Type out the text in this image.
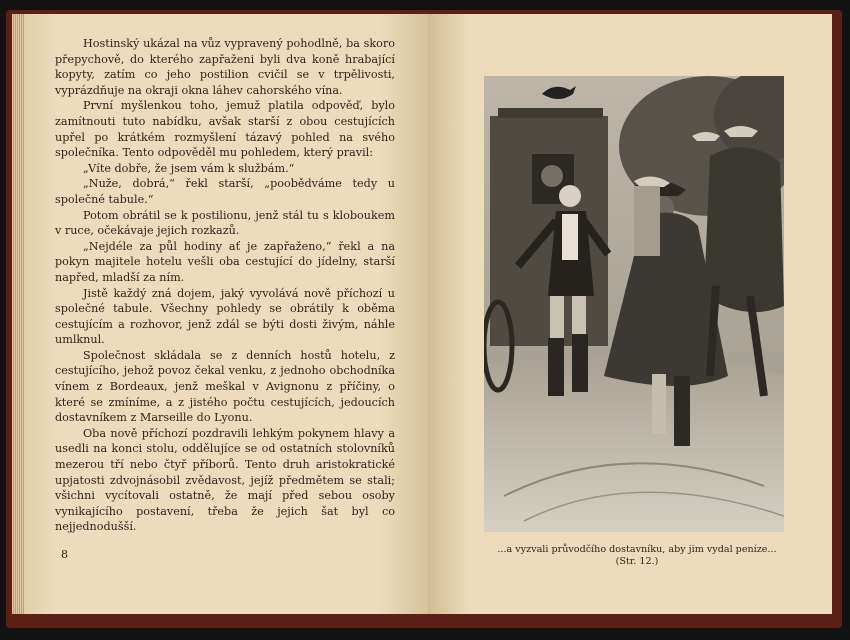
Hostinský ukázal na vůz vypravený pohodlně, ba skoro přepychově, do kterého zapřaženi byli dva koně hrabající kopyty, zatím co jeho postilion cvičil se v trpělivosti, vyprázdňuje na okraji okna láhev cahorského vína.

První myšlenkou toho, jemuž platila odpověď, bylo zamítnouti tuto nabídku, avšak starší z obou cestujících upřel po krátkém rozmyšlení tázavý pohled na svého společníka. Tento odpověděl mu pohledem, který pravil:

„Víte dobře, že jsem vám k službám.“

„Nuže, dobrá,“ řekl starší, „poobědváme tedy u společné tabule.“

Potom obrátil se k postilionu, jenž stál tu s kloboukem v ruce, očekávaje jejich rozkazů.

„Nejdéle za půl hodiny ať je zapřaženo,“ řekl a na pokyn majitele hotelu vešli oba cestující do jídelny, starší napřed, mladší za ním.

Jistě každý zná dojem, jaký vyvolává nově příchozí u společné tabule. Všechny pohledy se obrátily k oběma cestujícím a rozhovor, jenž zdál se býti dosti živým, náhle umlknul.

Společnost skládala se z denních hostů hotelu, z cestujícího, jehož povoz čekal venku, z jednoho obchodníka vínem z Bordeaux, jenž meškal v Avignonu z příčiny, o které se zmíníme, a z jistého počtu cestujících, jedoucích dostavníkem z Marseille do Lyonu.

Oba nově příchozí pozdravili lehkým pokynem hlavy a usedli na konci stolu, oddělujíce se od ostatních stolovníků mezerou tří nebo čtyř příborů. Tento druh aristokratické upjatosti zdvojnásobil zvědavost, jejíž předmětem se stali; všichni vycítovali ostatně, že mají před sebou osoby vynikajícího postavení, třeba že jejich šat byl co nejjednodušší.

8	...a vyzvali průvodčího dostavníku, aby jim vydal peníze...
(Str. 12.)
